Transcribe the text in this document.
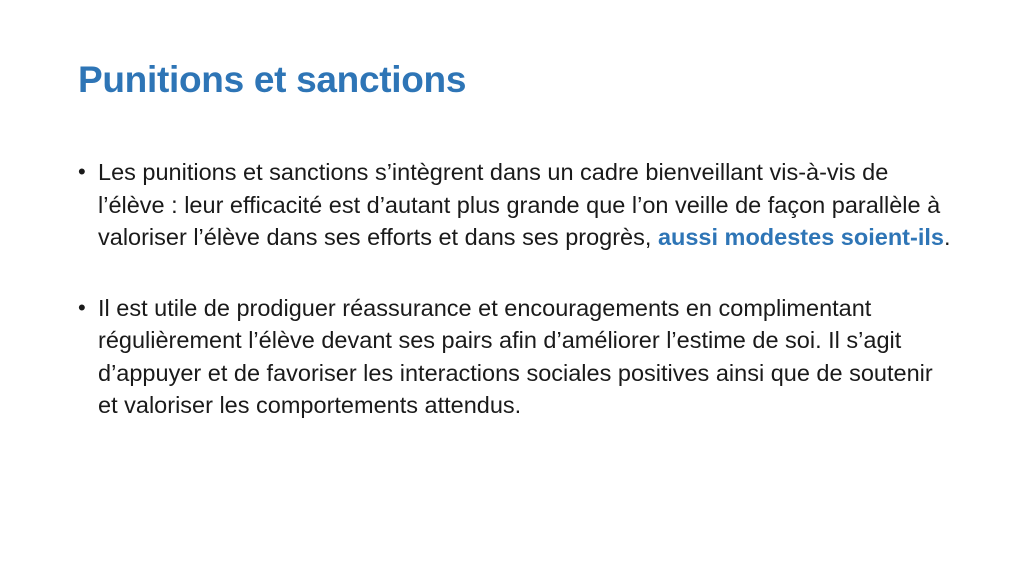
Punitions et sanctions
• Les punitions et sanctions s’intègrent dans un cadre bienveillant vis-à-vis de l’élève : leur efficacité est d’autant plus grande que l’on veille de façon parallèle à valoriser l’élève dans ses efforts et dans ses progrès, aussi modestes soient-ils.
• Il est utile de prodiguer réassurance et encouragements en complimentant régulièrement l’élève devant ses pairs afin d’améliorer l’estime de soi. Il s’agit d’appuyer et de favoriser les interactions sociales positives ainsi que de soutenir et valoriser les comportements attendus.
